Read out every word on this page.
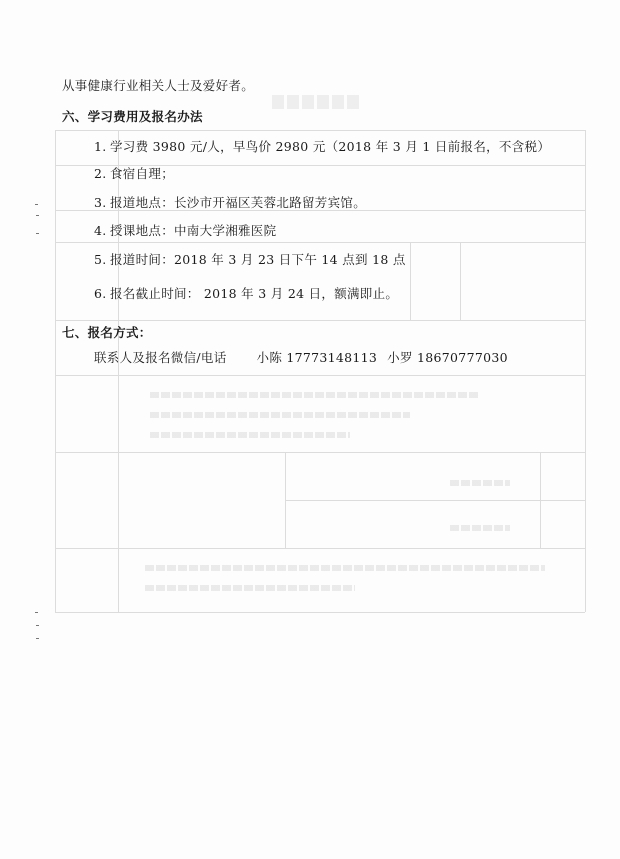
从事健康行业相关人士及爱好者。
六、学习费用及报名办法
1. 学习费 3980 元/人，早鸟价 2980 元（2018 年 3 月 1 日前报名，不含税）
2. 食宿自理；
3. 报道地点：长沙市开福区芙蓉北路留芳宾馆。
4. 授课地点：中南大学湘雅医院
5. 报道时间：2018 年 3 月 23 日下午 14 点到 18 点
6. 报名截止时间： 2018 年 3 月 24 日，额满即止。
七、报名方式：
联系人及报名微信/电话 小陈 17773148113 小罗 18670777030
